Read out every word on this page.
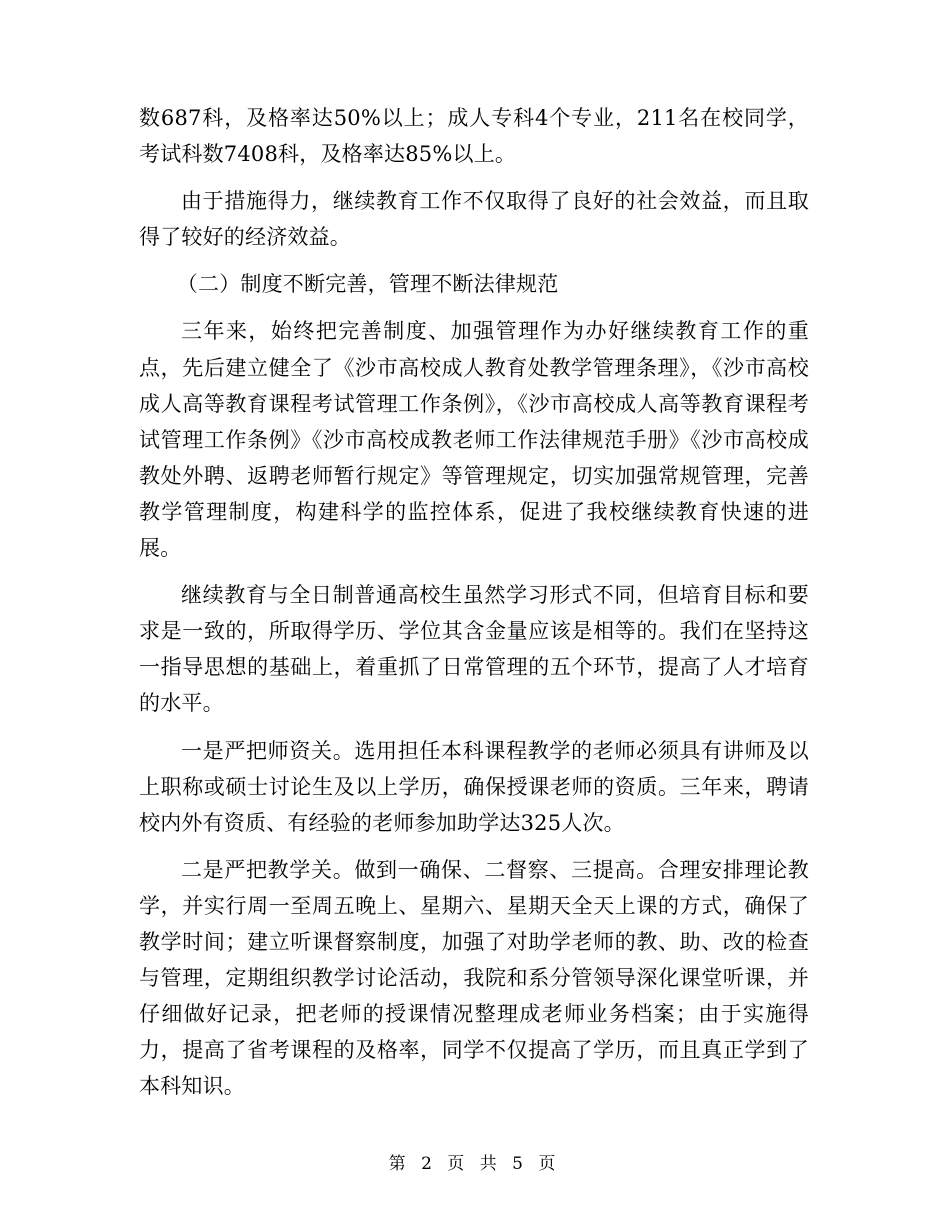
数687科，及格率达50%以上；成人专科4个专业，211名在校同学，考试科数7408科，及格率达85%以上。

由于措施得力，继续教育工作不仅取得了良好的社会效益，而且取得了较好的经济效益。

（二）制度不断完善，管理不断法律规范

三年来，始终把完善制度、加强管理作为办好继续教育工作的重点，先后建立健全了《沙市高校成人教育处教学管理条理》，《沙市高校成人高等教育课程考试管理工作条例》，《沙市高校成人高等教育课程考试管理工作条例》《沙市高校成教老师工作法律规范手册》《沙市高校成教处外聘、返聘老师暂行规定》等管理规定，切实加强常规管理，完善教学管理制度，构建科学的监控体系，促进了我校继续教育快速的进展。

继续教育与全日制普通高校生虽然学习形式不同，但培育目标和要求是一致的，所取得学历、学位其含金量应该是相等的。我们在坚持这一指导思想的基础上，着重抓了日常管理的五个环节，提高了人才培育的水平。

一是严把师资关。选用担任本科课程教学的老师必须具有讲师及以上职称或硕士讨论生及以上学历，确保授课老师的资质。三年来，聘请校内外有资质、有经验的老师参加助学达325人次。

二是严把教学关。做到一确保、二督察、三提高。合理安排理论教学，并实行周一至周五晚上、星期六、星期天全天上课的方式，确保了教学时间；建立听课督察制度，加强了对助学老师的教、助、改的检查与管理，定期组织教学讨论活动，我院和系分管领导深化课堂听课，并仔细做好记录，把老师的授课情况整理成老师业务档案；由于实施得力，提高了省考课程的及格率，同学不仅提高了学历，而且真正学到了本科知识。

第 2 页 共 5 页
